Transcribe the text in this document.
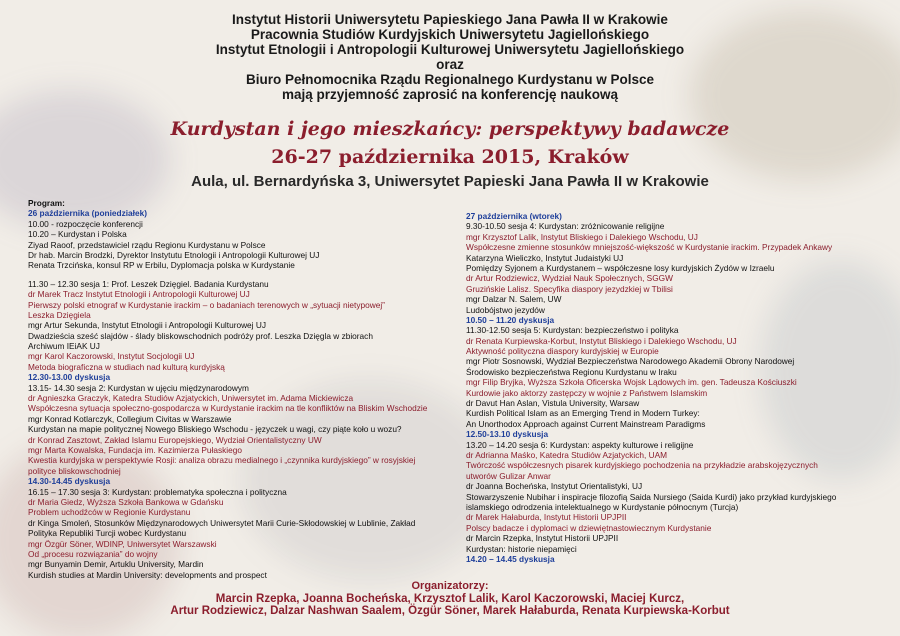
Instytut Historii Uniwersytetu Papieskiego Jana Pawła II w Krakowie
Pracownia Studiów Kurdyjskich Uniwersytetu Jagiellońskiego
Instytut Etnologii i Antropologii Kulturowej Uniwersytetu Jagiellońskiego
oraz
Biuro Pełnomocnika Rządu Regionalnego Kurdystanu w Polsce
mają przyjemność zaprosić na konferencję naukową
Kurdystan i jego mieszkańcy: perspektywy badawcze
26-27 października 2015, Kraków
Aula, ul. Bernardyńska 3, Uniwersytet Papieski Jana Pawła II w Krakowie
Program:
26 października (poniedziałek)
10.00 - rozpoczęcie konferencji
10.20 – Kurdystan i Polska
Ziyad Raoof, przedstawiciel rządu Regionu Kurdystanu w Polsce
Dr hab. Marcin Brodzki, Dyrektor Instytutu Etnologii i Antropologii Kulturowej UJ
Renata Trzcińska, konsul RP w Erbilu, Dyplomacja polska w Kurdystanie
11.30 – 12.30 sesja 1: Prof. Leszek Dzięgiel. Badania Kurdystanu
dr Marek Tracz Instytut Etnologii i Antropologii Kulturowej UJ
Pierwszy polski etnograf w Kurdystanie irackim – o badaniach terenowych w „sytuacji nietypowej”
Leszka Dzięgiela
mgr Artur Sekunda, Instytut Etnologii i Antropologii Kulturowej UJ
Dwadzieścia sześć slajdów - ślady bliskowschodnich podróży prof. Leszka Dzięgla w zbiorach
Archiwum IEiAK UJ
mgr Karol Kaczorowski, Instytut Socjologii UJ
Metoda biograficzna w studiach nad kulturą kurdyjską
12.30-13.00 dyskusja
13.15- 14.30 sesja 2: Kurdystan w ujęciu międzynarodowym
dr Agnieszka Graczyk, Katedra Studiów Azjatyckich, Uniwersytet im. Adama Mickiewicza
Współczesna sytuacja społeczno-gospodarcza w Kurdystanie irackim na tle konfliktów na Bliskim Wschodzie
mgr Konrad Kotlarczyk, Collegium Civitas w Warszawie
Kurdystan na mapie politycznej Nowego Bliskiego Wschodu - języczek u wagi, czy piąte koło u wozu?
dr Konrad Zasztowt, Zakład Islamu Europejskiego, Wydział Orientalistyczny UW
mgr Marta Kowalska, Fundacja im. Kazimierza Pułaskiego
Kwestia kurdyjska w perspektywie Rosji: analiza obrazu medialnego i „czynnika kurdyjskiego” w rosyjskiej
polityce bliskowschodniej
14.30-14.45 dyskusja
16.15 – 17.30 sesja 3: Kurdystan: problematyka społeczna i polityczna
dr Maria Giedz, Wyższa Szkoła Bankowa w Gdańsku
Problem uchodźców w Regionie Kurdystanu
dr Kinga Smoleń, Stosunków Międzynarodowych Uniwersytet Marii Curie-Skłodowskiej w Lublinie, Zakład
Polityka Republiki Turcji wobec Kurdystanu
mgr Özgür Söner, WDINP, Uniwersytet Warszawski
Od „procesu rozwiązania” do wojny
mgr Bunyamin Demir, Artuklu University, Mardin
Kurdish studies at Mardin University: developments and prospect
27 października (wtorek)
9.30-10.50 sesja 4: Kurdystan: zróżnicowanie religijne
mgr Krzysztof Lalik, Instytut Bliskiego i Dalekiego Wschodu, UJ
Współczesne zmienne stosunków mniejszość-większość w Kurdystanie irackim. Przypadek Ankawy
Katarzyna Wieliczko, Instytut Judaistyki UJ
Pomiędzy Syjonem a Kurdystanem – współczesne losy kurdyjskich Żydów w Izraelu
dr Artur Rodziewicz, Wydział Nauk Społecznych, SGGW
Gruzińskie Lalisz. Specyfika diaspory jezydzkiej w Tbilisi
mgr Dalzar N. Salem, UW
Ludobójstwo jezydów
10.50 – 11.20 dyskusja
11.30-12.50 sesja 5: Kurdystan: bezpieczeństwo i polityka
dr Renata Kurpiewska-Korbut, Instytut Bliskiego i Dalekiego Wschodu, UJ
Aktywność polityczna diaspory kurdyjskiej w Europie
mgr Piotr Sosnowski, Wydział Bezpieczeństwa Narodowego Akademii Obrony Narodowej
Środowisko bezpieczeństwa Regionu Kurdystanu w Iraku
mgr Filip Bryjka, Wyższa Szkoła Oficerska Wojsk Lądowych im. gen. Tadeusza Kościuszki
Kurdowie jako aktorzy zastępczy w wojnie z Państwem Islamskim
dr Davut Han Aslan, Vistula University, Warsaw
Kurdish Political Islam as an Emerging Trend in Modern Turkey:
An Unorthodox Approach against Current Mainstream Paradigms
12.50-13.10 dyskusja
13.20 – 14.20 sesja 6: Kurdystan: aspekty kulturowe i religijne
dr Adrianna Maśko, Katedra Studiów Azjatyckich, UAM
Twórczość współczesnych pisarek kurdyjskiego pochodzenia na przykładzie arabskojęzycznych
utworów Gulizar Anwar
dr Joanna Bocheńska, Instytut Orientalistyki, UJ
Stowarzyszenie Nubihar i inspiracje filozofią Saida Nursiego (Saida Kurdi) jako przykład kurdyjskiego
islamskiego odrodzenia intelektualnego w Kurdystanie północnym (Turcja)
dr Marek Hałaburda, Instytut Historii UPJPII
Polscy badacze i dyplomaci w dziewiętnastowiecznym Kurdystanie
dr Marcin Rzepka, Instytut Historii UPJPII
Kurdystan: historie niepamięci
14.20 – 14.45 dyskusja
Organizatorzy:
Marcin Rzepka, Joanna Bocheńska, Krzysztof Lalik, Karol Kaczorowski, Maciej Kurcz,
Artur Rodziewicz, Dalzar Nashwan Saalem, Özgür Söner, Marek Hałaburda, Renata Kurpiewska-Korbut
